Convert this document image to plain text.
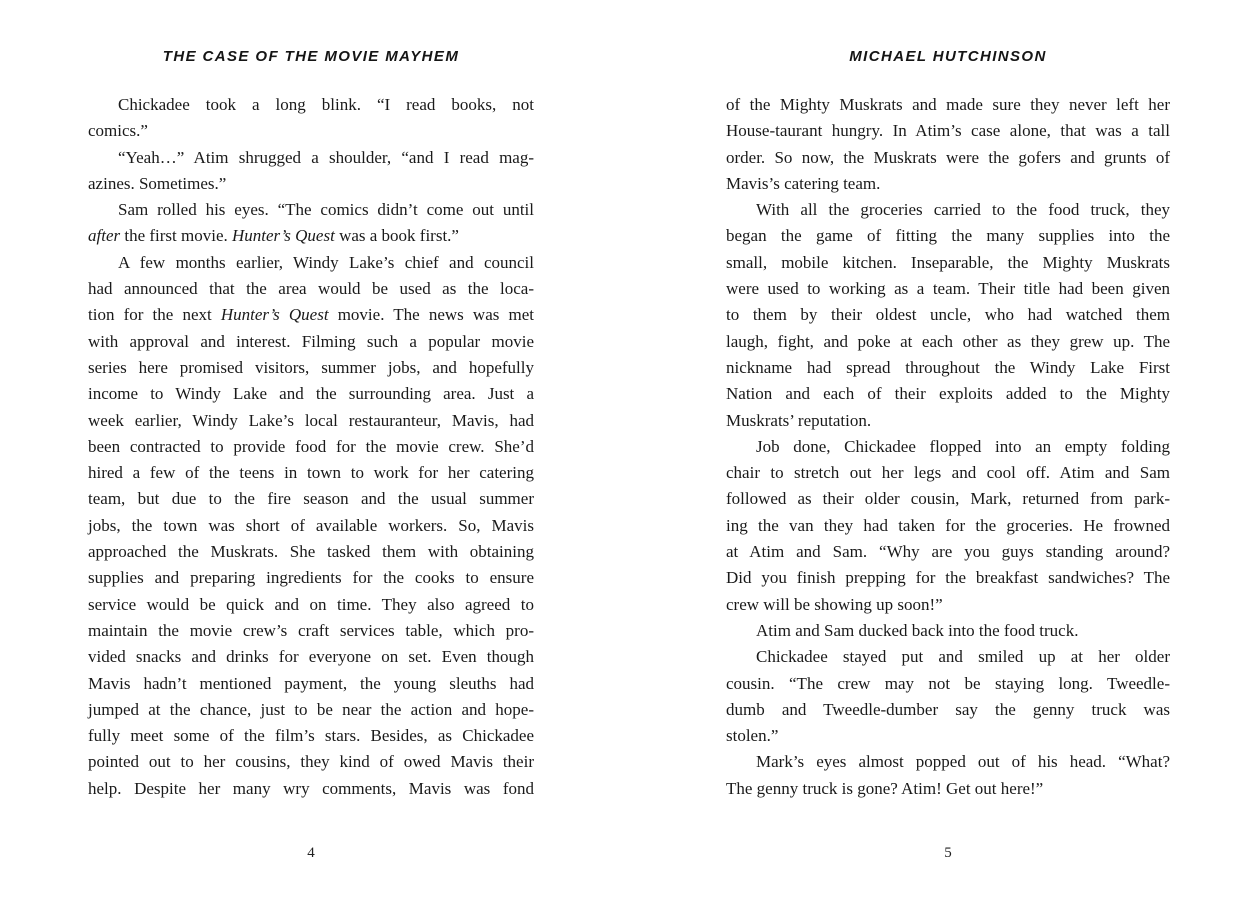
THE CASE OF THE MOVIE MAYHEM
Chickadee took a long blink. “I read books, not
comics.”
“Yeah…” Atim shrugged a shoulder, “and I read mag-
azines. Sometimes.”
Sam rolled his eyes. “The comics didn’t come out until
after the first movie. Hunter’s Quest was a book first.”
A few months earlier, Windy Lake’s chief and council
had announced that the area would be used as the loca-
tion for the next Hunter’s Quest movie. The news was met
with approval and interest. Filming such a popular movie
series here promised visitors, summer jobs, and hopefully
income to Windy Lake and the surrounding area. Just a
week earlier, Windy Lake’s local restauranteur, Mavis, had
been contracted to provide food for the movie crew. She’d
hired a few of the teens in town to work for her catering
team, but due to the fire season and the usual summer
jobs, the town was short of available workers. So, Mavis
approached the Muskrats. She tasked them with obtaining
supplies and preparing ingredients for the cooks to ensure
service would be quick and on time. They also agreed to
maintain the movie crew’s craft services table, which pro-
vided snacks and drinks for everyone on set. Even though
Mavis hadn’t mentioned payment, the young sleuths had
jumped at the chance, just to be near the action and hope-
fully meet some of the film’s stars. Besides, as Chickadee
pointed out to her cousins, they kind of owed Mavis their
help. Despite her many wry comments, Mavis was fond
4
MICHAEL HUTCHINSON
of the Mighty Muskrats and made sure they never left her
House-taurant hungry. In Atim’s case alone, that was a tall
order. So now, the Muskrats were the gofers and grunts of
Mavis’s catering team.
With all the groceries carried to the food truck, they
began the game of fitting the many supplies into the
small, mobile kitchen. Inseparable, the Mighty Muskrats
were used to working as a team. Their title had been given
to them by their oldest uncle, who had watched them
laugh, fight, and poke at each other as they grew up. The
nickname had spread throughout the Windy Lake First
Nation and each of their exploits added to the Mighty
Muskrats’ reputation.
Job done, Chickadee flopped into an empty folding
chair to stretch out her legs and cool off. Atim and Sam
followed as their older cousin, Mark, returned from park-
ing the van they had taken for the groceries. He frowned
at Atim and Sam. “Why are you guys standing around?
Did you finish prepping for the breakfast sandwiches? The
crew will be showing up soon!”
Atim and Sam ducked back into the food truck.
Chickadee stayed put and smiled up at her older
cousin. “The crew may not be staying long. Tweedle-
dumb and Tweedle-dumber say the genny truck was
stolen.”
Mark’s eyes almost popped out of his head. “What?
The genny truck is gone? Atim! Get out here!”
5
